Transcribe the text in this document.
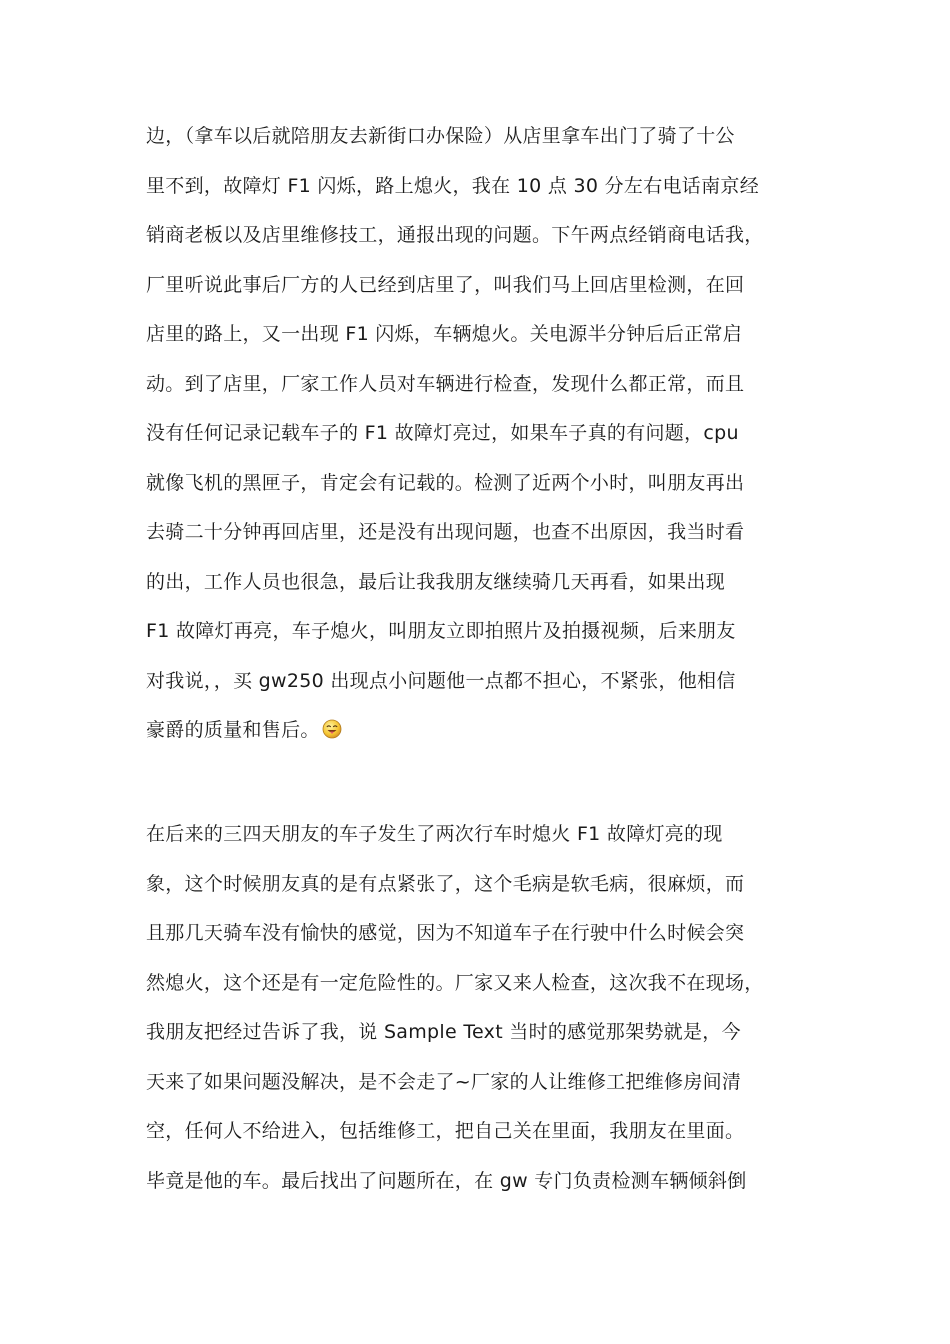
边，（拿车以后就陪朋友去新街口办保险）从店里拿车出门了骑了十公
里不到，故障灯 F1 闪烁，路上熄火，我在 10 点 30 分左右电话南京经
销商老板以及店里维修技工，通报出现的问题。下午两点经销商电话我，
厂里听说此事后厂方的人已经到店里了，叫我们马上回店里检测，在回
店里的路上，又一出现 F1 闪烁，车辆熄火。关电源半分钟后后正常启
动。到了店里，厂家工作人员对车辆进行检查，发现什么都正常，而且
没有任何记录记载车子的 F1 故障灯亮过，如果车子真的有问题，cpu
就像飞机的黑匣子，肯定会有记载的。检测了近两个小时，叫朋友再出
去骑二十分钟再回店里，还是没有出现问题，也查不出原因，我当时看
的出，工作人员也很急，最后让我我朋友继续骑几天再看，如果出现
F1 故障灯再亮，车子熄火，叫朋友立即拍照片及拍摄视频，后来朋友
对我说，，买 gw250 出现点小问题他一点都不担心，不紧张，他相信
豪爵的质量和售后。
在后来的三四天朋友的车子发生了两次行车时熄火 F1 故障灯亮的现
象，这个时候朋友真的是有点紧张了，这个毛病是软毛病，很麻烦，而
且那几天骑车没有愉快的感觉，因为不知道车子在行驶中什么时候会突
然熄火，这个还是有一定危险性的。厂家又来人检查，这次我不在现场，
我朋友把经过告诉了我，说 Sample Text 当时的感觉那架势就是，今
天来了如果问题没解决，是不会走了~厂家的人让维修工把维修房间清
空，任何人不给进入，包括维修工，把自己关在里面，我朋友在里面。
毕竟是他的车。最后找出了问题所在，在 gw 专门负责检测车辆倾斜倒
